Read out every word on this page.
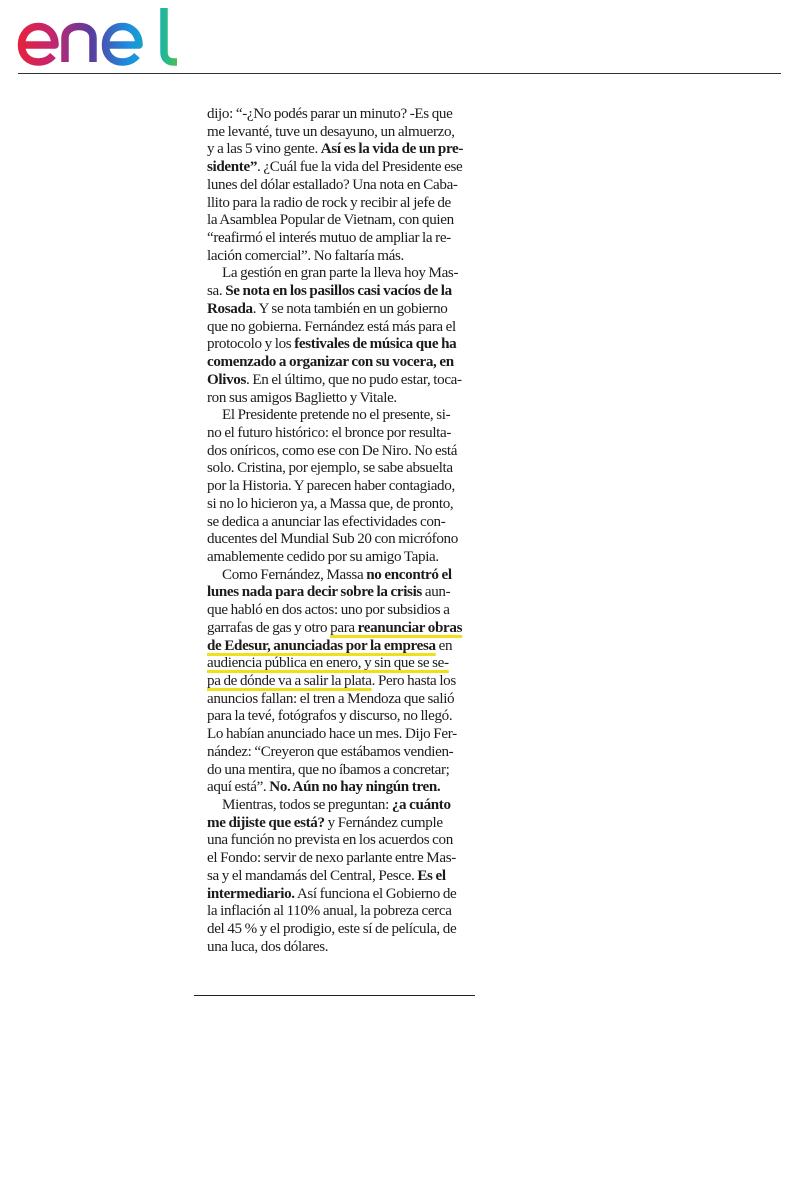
dijo: “-¿No podés parar un minuto? -Es que
me levanté, tuve un desayuno, un almuerzo,
y a las 5 vino gente. Así es la vida de un pre-
sidente”. ¿Cuál fue la vida del Presidente ese
lunes del dólar estallado? Una nota en Caba-
llito para la radio de rock y recibir al jefe de
la Asamblea Popular de Vietnam, con quien
“reafirmó el interés mutuo de ampliar la re-
lación comercial”. No faltaría más.

La gestión en gran parte la lleva hoy Mas-
sa. Se nota en los pasillos casi vacíos de la
Rosada. Y se nota también en un gobierno
que no gobierna. Fernández está más para el
protocolo y los festivales de música que ha
comenzado a organizar con su vocera, en
Olivos. En el último, que no pudo estar, toca-
ron sus amigos Baglietto y Vitale.

El Presidente pretende no el presente, si-
no el futuro histórico: el bronce por resulta-
dos oníricos, como ese con De Niro. No está
solo. Cristina, por ejemplo, se sabe absuelta
por la Historia. Y parecen haber contagiado,
si no lo hicieron ya, a Massa que, de pronto,
se dedica a anunciar las efectividades con-
ducentes del Mundial Sub 20 con micrófono
amablemente cedido por su amigo Tapia.

Como Fernández, Massa no encontró el
lunes nada para decir sobre la crisis aun-
que habló en dos actos: uno por subsidios a
garrafas de gas y otro para reanunciar obras
de Edesur, anunciadas por la empresa en
audiencia pública en enero, y sin que se se-
pa de dónde va a salir la plata. Pero hasta los
anuncios fallan: el tren a Mendoza que salió
para la tevé, fotógrafos y discurso, no llegó.
Lo habían anunciado hace un mes. Dijo Fer-
nández: “Creyeron que estábamos vendien-
do una mentira, que no íbamos a concretar;
aquí está”. No. Aún no hay ningún tren.

Mientras, todos se preguntan: ¿a cuánto
me dijiste que está? y Fernández cumple
una función no prevista en los acuerdos con
el Fondo: servir de nexo parlante entre Mas-
sa y el mandamás del Central, Pesce. Es el
intermediario. Así funciona el Gobierno de
la inflación al 110% anual, la pobreza cerca
del 45 % y el prodigio, este sí de película, de
una luca, dos dólares.
